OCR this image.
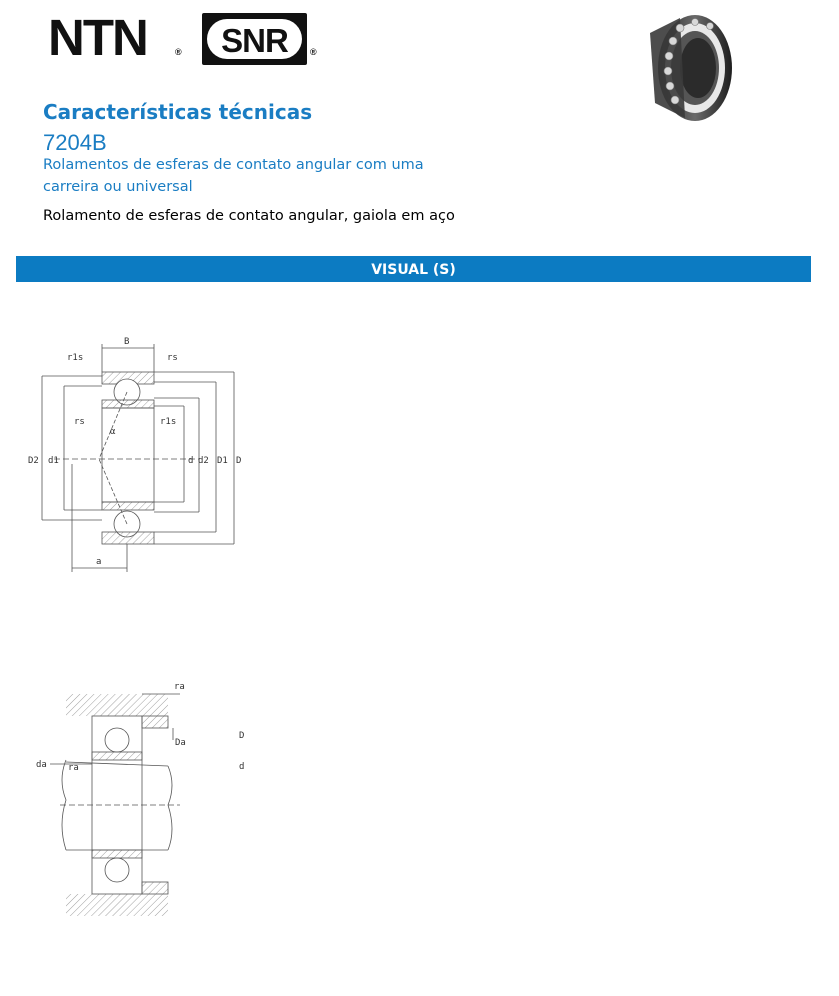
NTN	®	SNR	®
Características técnicas
7204B
Rolamentos de esferas de contato angular com uma carreira ou universal
Rolamento de esferas de contato angular, gaiola em aço
VISUAL (S)
B
r1s	rs
rs
α
r1s
D2 d1	d d2 D1 D
a
ra
Da
da ra
D
d
